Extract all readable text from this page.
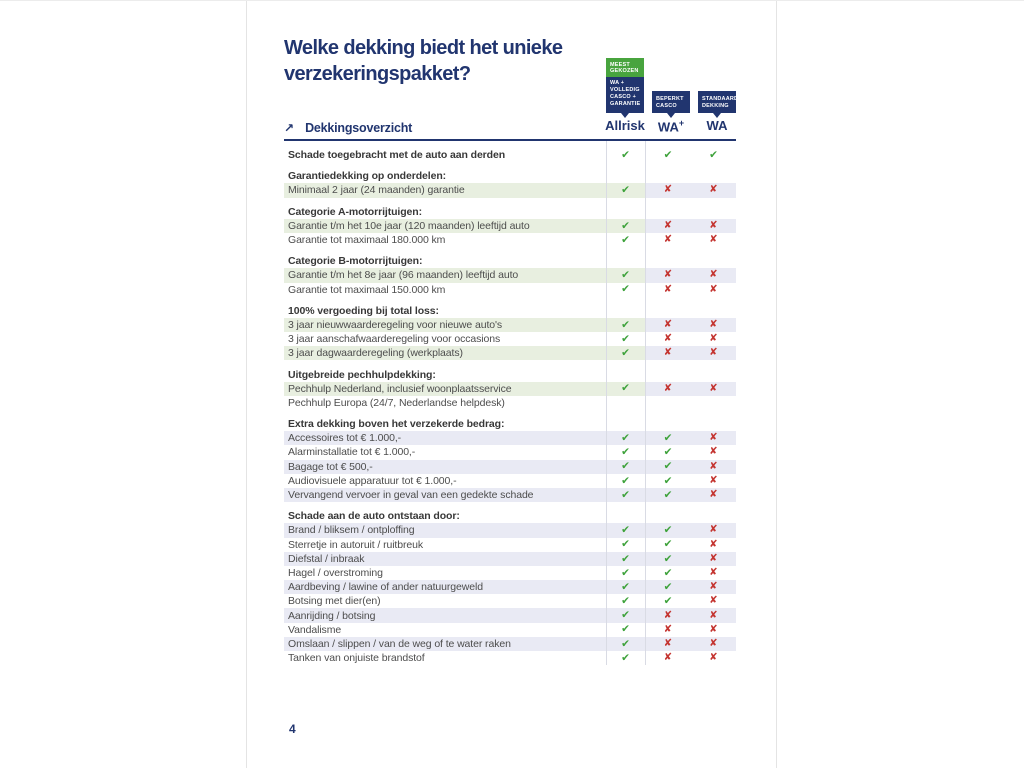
Welke dekking biedt het unieke
verzekeringspakket?	MEEST
GEKOZEN
WA +
VOLLEDIG
CASCO +
GARANTIE
Allrisk
BEPERKT
CASCO
WA+
STANDAARD
DEKKING
WA
↗ Dekkingsoverzicht
Schade toegebracht met de auto aan derden	✔	✔	✔
Garantiedekking op onderdelen:
Minimaal 2 jaar (24 maanden) garantie	✔	✘	✘
Categorie A-motorrijtuigen:
Garantie t/m het 10e jaar (120 maanden) leeftijd auto	✔	✘	✘
Garantie tot maximaal 180.000 km	✔	✘	✘
Categorie B-motorrijtuigen:
Garantie t/m het 8e jaar (96 maanden) leeftijd auto	✔	✘	✘
Garantie tot maximaal 150.000 km	✔	✘	✘
100% vergoeding bij total loss:
3 jaar nieuwwaarderegeling voor nieuwe auto's	✔	✘	✘
3 jaar aanschafwaarderegeling voor occasions	✔	✘	✘
3 jaar dagwaarderegeling (werkplaats)	✔	✘	✘
Uitgebreide pechhulpdekking:
Pechhulp Nederland, inclusief woonplaatsservice	✔	✘	✘
Pechhulp Europa (24/7, Nederlandse helpdesk)
Extra dekking boven het verzekerde bedrag:
Accessoires tot € 1.000,-	✔	✔	✘
Alarminstallatie tot € 1.000,-	✔	✔	✘
Bagage tot € 500,-	✔	✔	✘
Audiovisuele apparatuur tot € 1.000,-	✔	✔	✘
Vervangend vervoer in geval van een gedekte schade	✔	✔	✘
Schade aan de auto ontstaan door:
Brand / bliksem / ontploffing	✔	✔	✘
Sterretje in autoruit / ruitbreuk	✔	✔	✘
Diefstal / inbraak	✔	✔	✘
Hagel / overstroming	✔	✔	✘
Aardbeving / lawine of ander natuurgeweld	✔	✔	✘
Botsing met dier(en)	✔	✔	✘
Aanrijding / botsing	✔	✘	✘
Vandalisme	✔	✘	✘
Omslaan / slippen / van de weg of te water raken	✔	✘	✘
Tanken van onjuiste brandstof	✔	✘	✘
4
